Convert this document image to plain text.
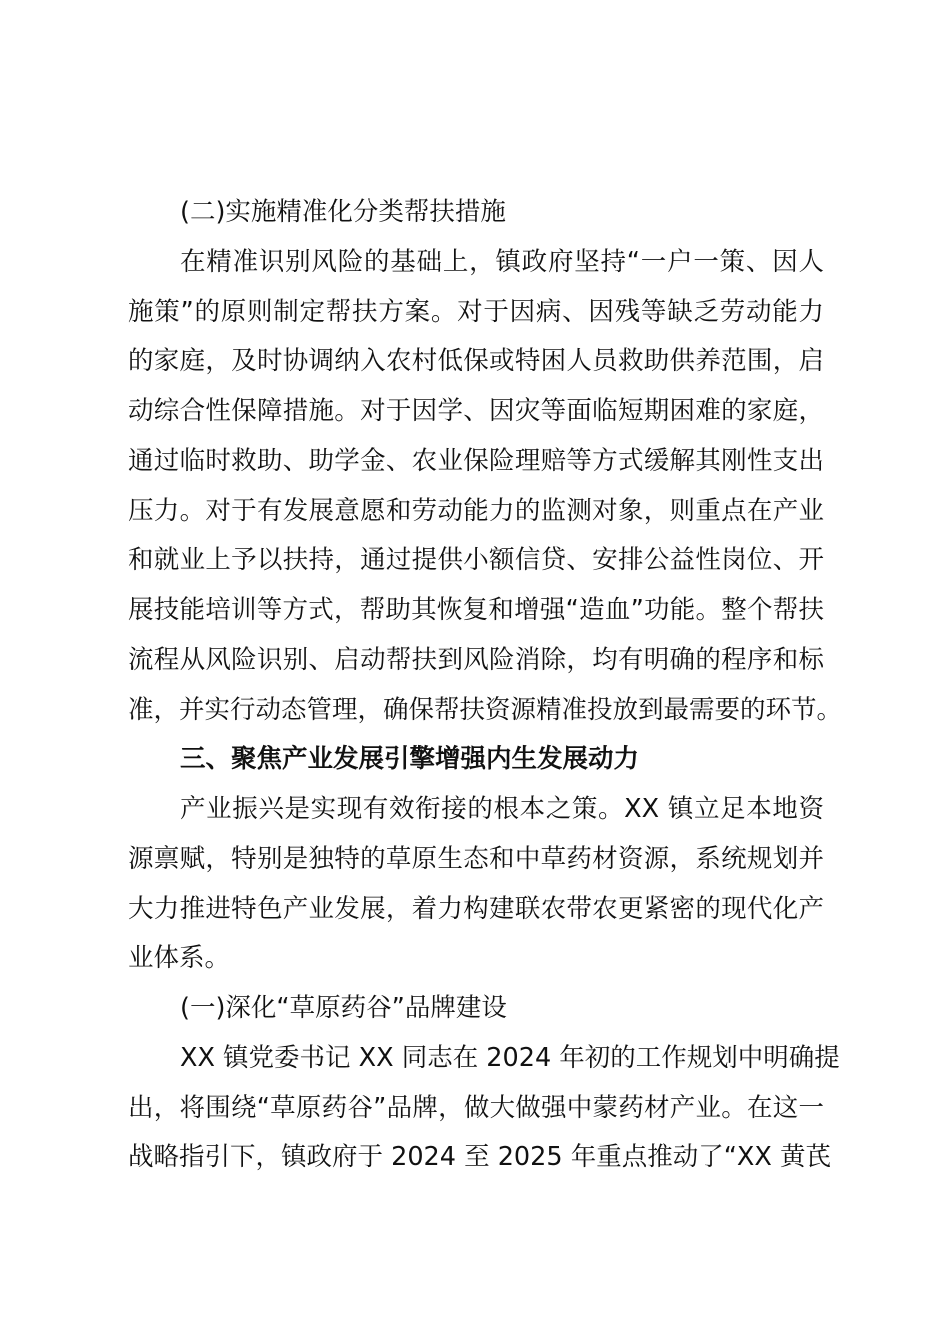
(二)实施精准化分类帮扶措施
在精准识别风险的基础上，镇政府坚持“一户一策、因人
施策”的原则制定帮扶方案。对于因病、因残等缺乏劳动能力
的家庭，及时协调纳入农村低保或特困人员救助供养范围，启
动综合性保障措施。对于因学、因灾等面临短期困难的家庭，
通过临时救助、助学金、农业保险理赔等方式缓解其刚性支出
压力。对于有发展意愿和劳动能力的监测对象，则重点在产业
和就业上予以扶持，通过提供小额信贷、安排公益性岗位、开
展技能培训等方式，帮助其恢复和增强“造血”功能。整个帮扶
流程从风险识别、启动帮扶到风险消除，均有明确的程序和标
准，并实行动态管理，确保帮扶资源精准投放到最需要的环节。
三、聚焦产业发展引擎增强内生发展动力
产业振兴是实现有效衔接的根本之策。XX 镇立足本地资
源禀赋，特别是独特的草原生态和中草药材资源，系统规划并
大力推进特色产业发展，着力构建联农带农更紧密的现代化产
业体系。
(一)深化“草原药谷”品牌建设
XX 镇党委书记 XX 同志在 2024 年初的工作规划中明确提
出，将围绕“草原药谷”品牌，做大做强中蒙药材产业。在这一
战略指引下，镇政府于 2024 至 2025 年重点推动了“XX 黄芪
